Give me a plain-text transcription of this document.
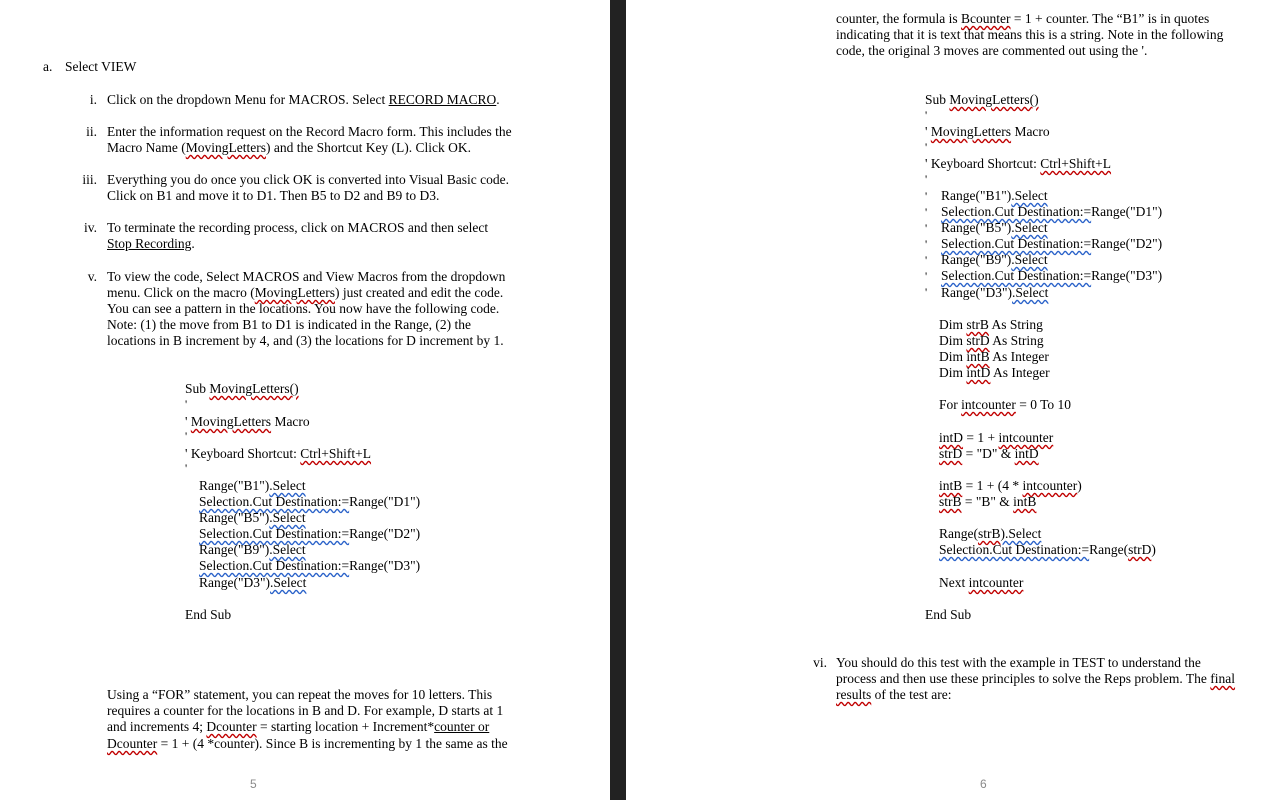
a. Select VIEW
i. Click on the dropdown Menu for MACROS. Select RECORD MACRO.
ii. Enter the information request on the Record Macro form. This includes the
Macro Name (MovingLetters) and the Shortcut Key (L). Click OK.
iii. Everything you do once you click OK is converted into Visual Basic code.
Click on B1 and move it to D1. Then B5 to D2 and B9 to D3.
iv. To terminate the recording process, click on MACROS and then select
Stop Recording.
v. To view the code, Select MACROS and View Macros from the dropdown
menu. Click on the macro (MovingLetters) just created and edit the code.
You can see a pattern in the locations. You now have the following code.
Note: (1) the move from B1 to D1 is indicated in the Range, (2) the
locations in B increment by 4, and (3) the locations for D increment by 1.
Sub MovingLetters()
'
' MovingLetters Macro
'
' Keyboard Shortcut: Ctrl+Shift+L
'
Range("B1").Select
Selection.Cut Destination:=Range("D1")
Range("B5").Select
Selection.Cut Destination:=Range("D2")
Range("B9").Select
Selection.Cut Destination:=Range("D3")
Range("D3").Select
End Sub
Using a “FOR” statement, you can repeat the moves for 10 letters. This
requires a counter for the locations in B and D. For example, D starts at 1
and increments 4; Dcounter = starting location + Increment*counter or
Dcounter = 1 + (4 *counter). Since B is incrementing by 1 the same as the
5
counter, the formula is Bcounter = 1 + counter. The “B1” is in quotes
indicating that it is text that means this is a string. Note in the following
code, the original 3 moves are commented out using the '.
Sub MovingLetters()
'
' MovingLetters Macro
'
' Keyboard Shortcut: Ctrl+Shift+L
'
' Range("B1").Select
' Selection.Cut Destination:=Range("D1")
' Range("B5").Select
' Selection.Cut Destination:=Range("D2")
' Range("B9").Select
' Selection.Cut Destination:=Range("D3")
' Range("D3").Select
Dim strB As String
Dim strD As String
Dim intB As Integer
Dim intD As Integer
For intcounter = 0 To 10
intD = 1 + intcounter
strD = "D" & intD
intB = 1 + (4 * intcounter)
strB = "B" & intB
Range(strB).Select
Selection.Cut Destination:=Range(strD)
Next intcounter
End Sub
vi. You should do this test with the example in TEST to understand the
process and then use these principles to solve the Reps problem. The final
results of the test are:
6
